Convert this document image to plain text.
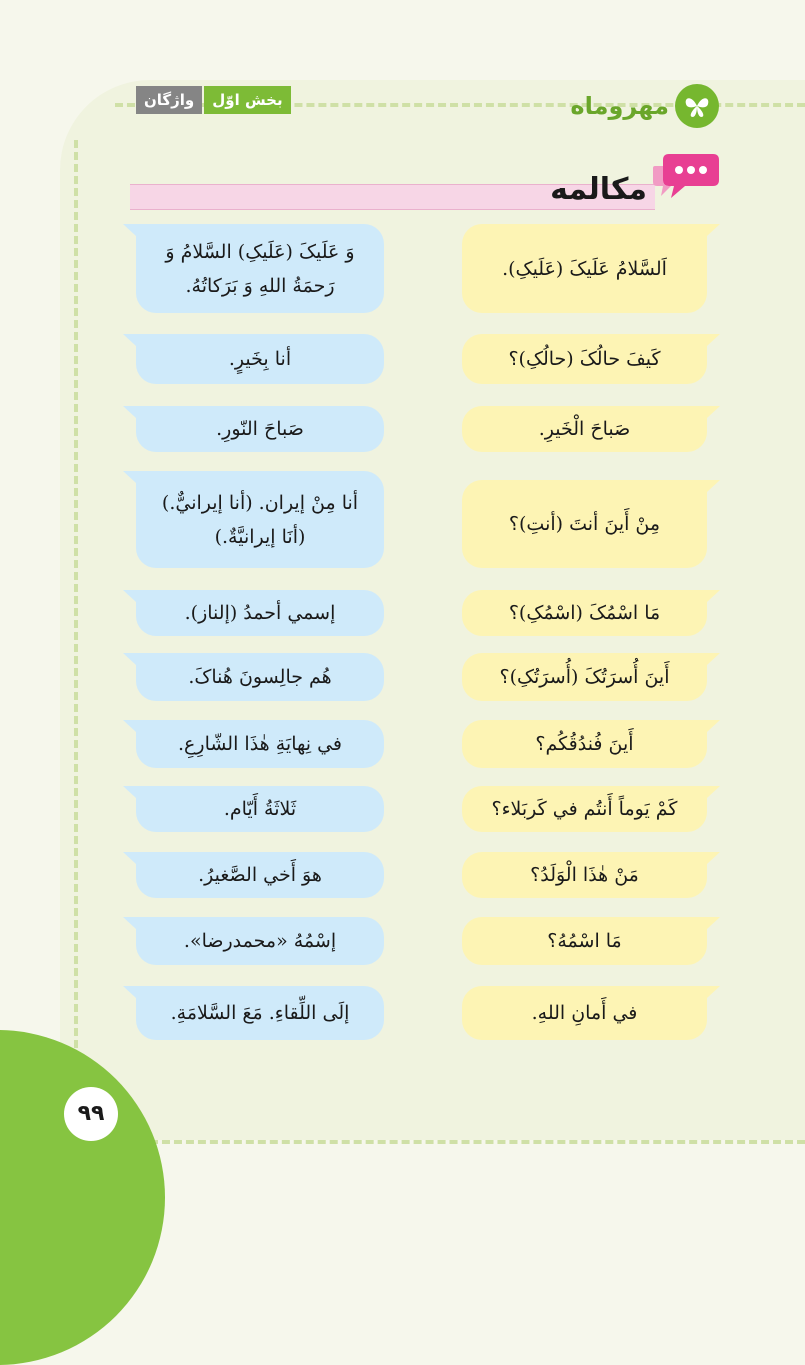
۹۹
مهروماه
واژگان	بخش اوّل
مکالمه
اَلسَّلامُ عَلَیکَ (عَلَیکِ).
وَ عَلَیکَ (عَلَیکِ) السَّلامُ وَ رَحمَةُ اللهِ وَ بَرَکاتُهُ.
کَیفَ حالُکَ (حالُکِ)؟
أنا بِخَیرٍ.
صَباحَ الْخَیرِ.
صَباحَ النّورِ.
مِنْ أَینَ أنتَ (أنتِ)؟
أنا مِنْ إیران. (أنا إیرانيٌّ.) (أنَا إیرانیَّةٌ.)
مَا اسْمُکَ (اسْمُکِ)؟
إسمي أحمدُ (إلناز).
أَینَ أُسرَتُکَ (أُسرَتُکِ)؟
هُم جالِسونَ هُناکَ.
أَینَ فُندُقُکُم؟
في نِهایَةِ هٰذَا الشّارِعِ.
کَمْ یَوماً أَنتُم في کَربَلاء؟
ثَلاثَةُ أَیّام.
مَنْ هٰذَا الْوَلَدُ؟
هوَ أَخي الصَّغیرُ.
مَا اسْمُهُ؟
إسْمُهُ «محمدرضا».
في أَمانِ اللهِ.
إلَی اللِّقاءِ. مَعَ السَّلامَةِ.
